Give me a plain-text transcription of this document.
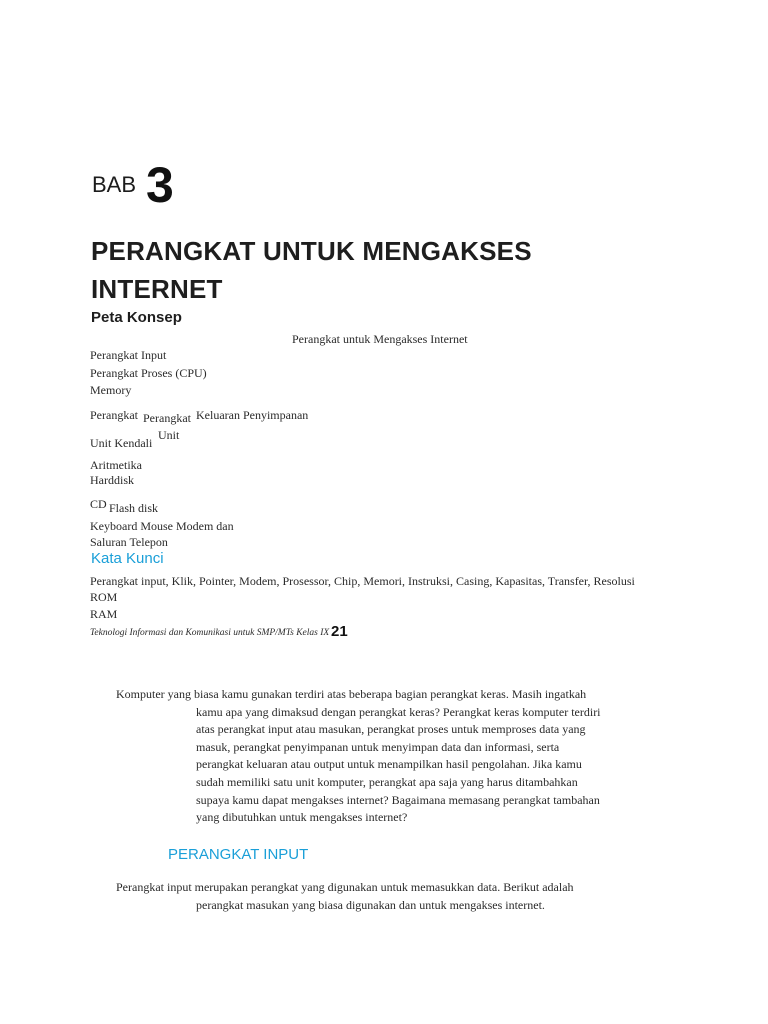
BAB 3
PERANGKAT UNTUK MENGAKSES
INTERNET
Peta Konsep
Perangkat untuk Mengakses Internet
Perangkat Input
Perangkat Proses (CPU)
Memory
Perangkat Perangkat Keluaran Penyimpanan
Unit Kendali
Unit
Aritmetika
Harddisk
CD Flash disk
Keyboard Mouse Modem dan
Saluran Telepon
Kata Kunci
Perangkat input, Klik, Pointer, Modem, Prosessor, Chip, Memori, Instruksi, Casing, Kapasitas, Transfer, Resolusi
ROM
RAM
Teknologi Informasi dan Komunikasi untuk SMP/MTs Kelas IX 21
Komputer yang biasa kamu gunakan terdiri atas beberapa bagian perangkat keras. Masih ingatkah
kamu apa yang dimaksud dengan perangkat keras? Perangkat keras komputer terdiri
atas perangkat input atau masukan, perangkat proses untuk memproses data yang
masuk, perangkat penyimpanan untuk menyimpan data dan informasi, serta
perangkat keluaran atau output untuk menampilkan hasil pengolahan. Jika kamu
sudah memiliki satu unit komputer, perangkat apa saja yang harus ditambahkan
supaya kamu dapat mengakses internet? Bagaimana memasang perangkat tambahan
yang dibutuhkan untuk mengakses internet?
PERANGKAT INPUT
Perangkat input merupakan perangkat yang digunakan untuk memasukkan data. Berikut adalah
perangkat masukan yang biasa digunakan dan untuk mengakses internet.
